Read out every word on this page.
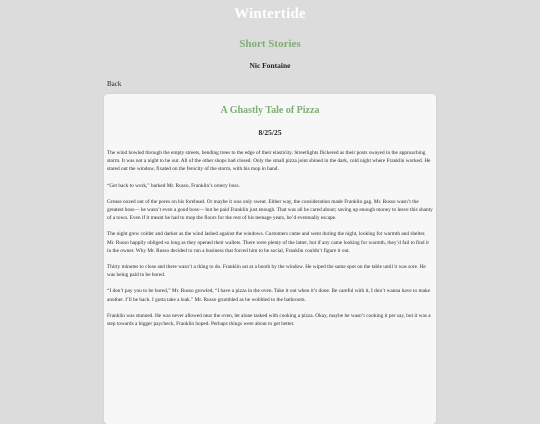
Wintertide
Short Stories
Nic Fontaine
Back
A Ghastly Tale of Pizza
8/25/25

The wind howled through the empty streets, bending trees to the edge of their elasticity. Streetlights flickered as their posts swayed in the approaching storm. It was not a night to be out. All of the other shops had closed. Only the small pizza joint shined in the dark, cold night where Franklin worked. He stared out the window, fixated on the ferocity of the storm, with his mop in hand.

“Get back to work,” barked Mr. Russo, Franklin’s ornery boss.

Grease oozed out of the pores on his forehead. Or maybe it was only sweat. Either way, the consideration made Franklin gag. Mr. Russo wasn’t the greatest boss— he wasn’t even a good boss— but he paid Franklin just enough. That was all he cared about; saving up enough money to leave this shanty of a town. Even if it meant he had to mop the floors for the rest of his teenage years, he’d eventually escape.

The night grew colder and darker as the wind lashed against the windows. Customers came and went during the night, looking for warmth and shelter. Mr. Russo happily obliged so long as they opened their wallets. There were plenty of the latter, but if any came looking for warmth, they’d fail to find it in the owner. Why Mr. Russo decided to run a business that forced him to be social, Franklin couldn’t figure it out.

Thirty minutes to close and there wasn’t a thing to do. Franklin sat at a booth by the window. He wiped the same spot on the table until it was sore. He was being paid to be bored.

“I don’t pay you to be bored,” Mr. Russo growled, “I have a pizza in the oven. Take it out when it’s done. Be careful with it, I don’t wanna have to make another. I’ll be back. I gotta take a leak.” Mr. Russo grumbled as he wobbled to the bathroom.

Franklin was stunned. He was never allowed near the oven, let alone tasked with cooking a pizza. Okay, maybe he wasn’t cooking it per say, but it was a step towards a bigger paycheck, Franklin hoped. Perhaps things were about to get better.
